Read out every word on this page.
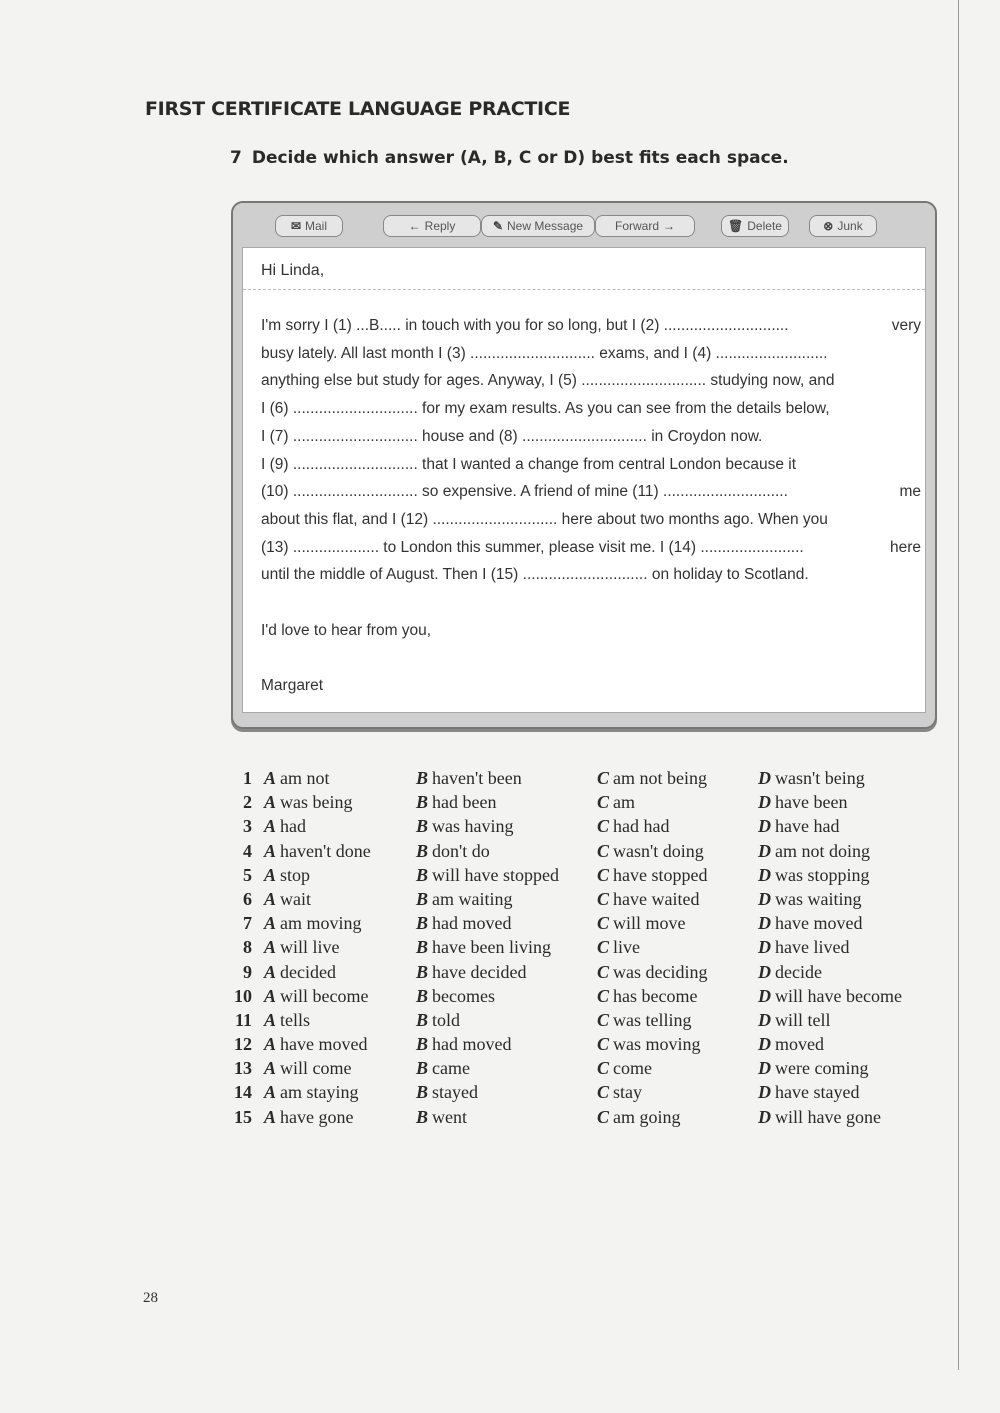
FIRST CERTIFICATE LANGUAGE PRACTICE
7 Decide which answer (A, B, C or D) best fits each space.
✉ Mail	← Reply	✎ New Message	Forward →	🗑 Delete	⊗ Junk
Hi Linda,
I'm sorry I (1) ...B..... in touch with you for so long, but I (2) .............................	very
busy lately. All last month I (3) ............................. exams, and I (4) ..........................
anything else but study for ages. Anyway, I (5) ............................. studying now, and
I (6) ............................. for my exam results. As you can see from the details below,
I (7) ............................. house and (8) ............................. in Croydon now.
I (9) ............................. that I wanted a change from central London because it
(10) ............................. so expensive. A friend of mine (11) .............................	me
about this flat, and I (12) ............................. here about two months ago. When you
(13) .................... to London this summer, please visit me. I (14) ........................	here
until the middle of August. Then I (15) ............................. on holiday to Scotland.
I'd love to hear from you,
Margaret
1 A am not	B haven't been	C am not being	D wasn't being
2 A was being	B had been	C am	D have been
3 A had	B was having	C had had	D have had
4 A haven't done	B don't do	C wasn't doing	D am not doing
5 A stop	B will have stopped C have stopped	D was stopping
6 A wait	B am waiting	C have waited	D was waiting
7 A am moving	B had moved	C will move	D have moved
8 A will live	B have been living	C live	D have lived
9 A decided	B have decided	C was deciding	D decide
10 A will become	B becomes	C has become	D will have become
11 A tells	B told	C was telling	D will tell
12 A have moved	B had moved	C was moving	D moved
13 A will come	B came	C come	D were coming
14 A am staying	B stayed	C stay	D have stayed
15 A have gone	B went	C am going	D will have gone
28
